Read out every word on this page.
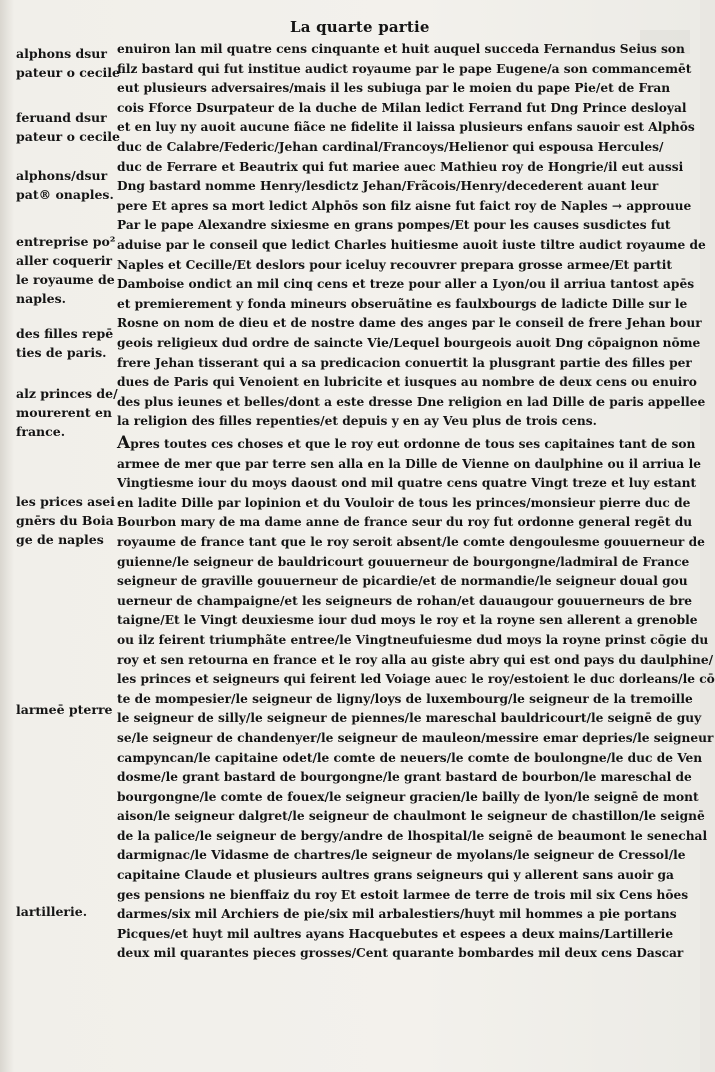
La quarte partie
alphons dsur
pateur o cecile
feruand dsur
pateur o cecile
alphons/dsur
pat® onaples.
entreprise po²
aller coquerir
le royaume de
naples.
des filles repē
ties de paris.
alz princes de/
mourerent en
france.
les prices asei
gnērs du Boia
ge de naples
larmeē pterre
lartillerie.
enuiron lan mil quatre cens cinquante et huit auquel succeda Fernandus Seius son
filz bastard qui fut institue audict royaume par le pape Eugene/a son commancemēt
eut plusieurs adversaires/mais il les subiuga par le moien du pape Pie/et de Fran
cois Fforce Dsurpateur de la duche de Milan ledict Ferrand fut Dng Prince desloyal
et en luy ny auoit aucune fiãce ne fidelite il laissa plusieurs enfans sauoir est Alphōs
duc de Calabre/Federic/Jehan cardinal/Francoys/Helienor qui espousa Hercules/
duc de Ferrare et Beautrix qui fut mariee auec Mathieu roy de Hongrie/il eut aussi
Dng bastard nomme Henry/lesdictz Jehan/Frãcois/Henry/decederent auant leur
pere Et apres sa mort ledict Alphōs son filz aisne fut faict roy de Naples → approuue
Par le pape Alexandre sixiesme en grans pompes/Et pour les causes susdictes fut
aduise par le conseil que ledict Charles huitiesme auoit iuste tiltre audict royaume de
Naples et Cecille/Et deslors pour iceluy recouvrer prepara grosse armee/Et partit
Damboise ondict an mil cinq cens et treze pour aller a Lyon/ou il arriua tantost apēs
et premierement y fonda mineurs obseruãtine es faulxbourgs de ladicte Dille sur le
Rosne on nom de dieu et de nostre dame des anges par le conseil de frere Jehan bour
geois religieux dud ordre de saincte Vie/Lequel bourgeois auoit Dng cōpaignon nōme
frere Jehan tisserant qui a sa predicacion conuertit la plusgrant partie des filles per
dues de Paris qui Venoient en lubricite et iusques au nombre de deux cens ou enuiro
des plus ieunes et belles/dont a este dresse Dne religion en lad Dille de paris appellee
la religion des filles repenties/et depuis y en ay Veu plus de trois cens.
Apres toutes ces choses et que le roy eut ordonne de tous ses capitaines tant de son
armee de mer que par terre sen alla en la Dille de Vienne on daulphine ou il arriua le
Vingtiesme iour du moys daoust ond mil quatre cens quatre Vingt treze et luy estant
en ladite Dille par lopinion et du Vouloir de tous les princes/monsieur pierre duc de
Bourbon mary de ma dame anne de france seur du roy fut ordonne general regēt du
royaume de france tant que le roy seroit absent/le comte dengoulesme gouuerneur de
guienne/le seigneur de bauldricourt gouuerneur de bourgongne/ladmiral de France
seigneur de graville gouuerneur de picardie/et de normandie/le seigneur doual gou
uerneur de champaigne/et les seigneurs de rohan/et dauaugour gouuerneurs de bre
taigne/Et le Vingt deuxiesme iour dud moys le roy et la royne sen allerent a grenoble
ou ilz feirent triumphãte entree/le Vingtneufuiesme dud moys la royne prinst cōgie du
roy et sen retourna en france et le roy alla au giste abry qui est ond pays du daulphine/
les princes et seigneurs qui feirent led Voiage auec le roy/estoient le duc dorleans/le cō
te de mompesier/le seigneur de ligny/loys de luxembourg/le seigneur de la tremoille
le seigneur de silly/le seigneur de piennes/le mareschal bauldricourt/le seignē de guy
se/le seigneur de chandenyer/le seigneur de mauleon/messire emar depries/le seigneur
campyncan/le capitaine odet/le comte de neuers/le comte de boulongne/le duc de Ven
dosme/le grant bastard de bourgongne/le grant bastard de bourbon/le mareschal de
bourgongne/le comte de fouex/le seigneur gracien/le bailly de lyon/le seignē de mont
aison/le seigneur dalgret/le seigneur de chaulmont le seigneur de chastillon/le seignē
de la palice/le seigneur de bergy/andre de lhospital/le seignē de beaumont le senechal
darmignac/le Vidasme de chartres/le seigneur de myolans/le seigneur de Cressol/le
capitaine Claude et plusieurs aultres grans seigneurs qui y allerent sans auoir ga
ges pensions ne bienffaiz du roy Et estoit larmee de terre de trois mil six Cens hōes
darmes/six mil Archiers de pie/six mil arbalestiers/huyt mil hommes a pie portans
Picques/et huyt mil aultres ayans Hacquebutes et espees a deux mains/Lartillerie
deux mil quarantes pieces grosses/Cent quarante bombardes mil deux cens Dascar
